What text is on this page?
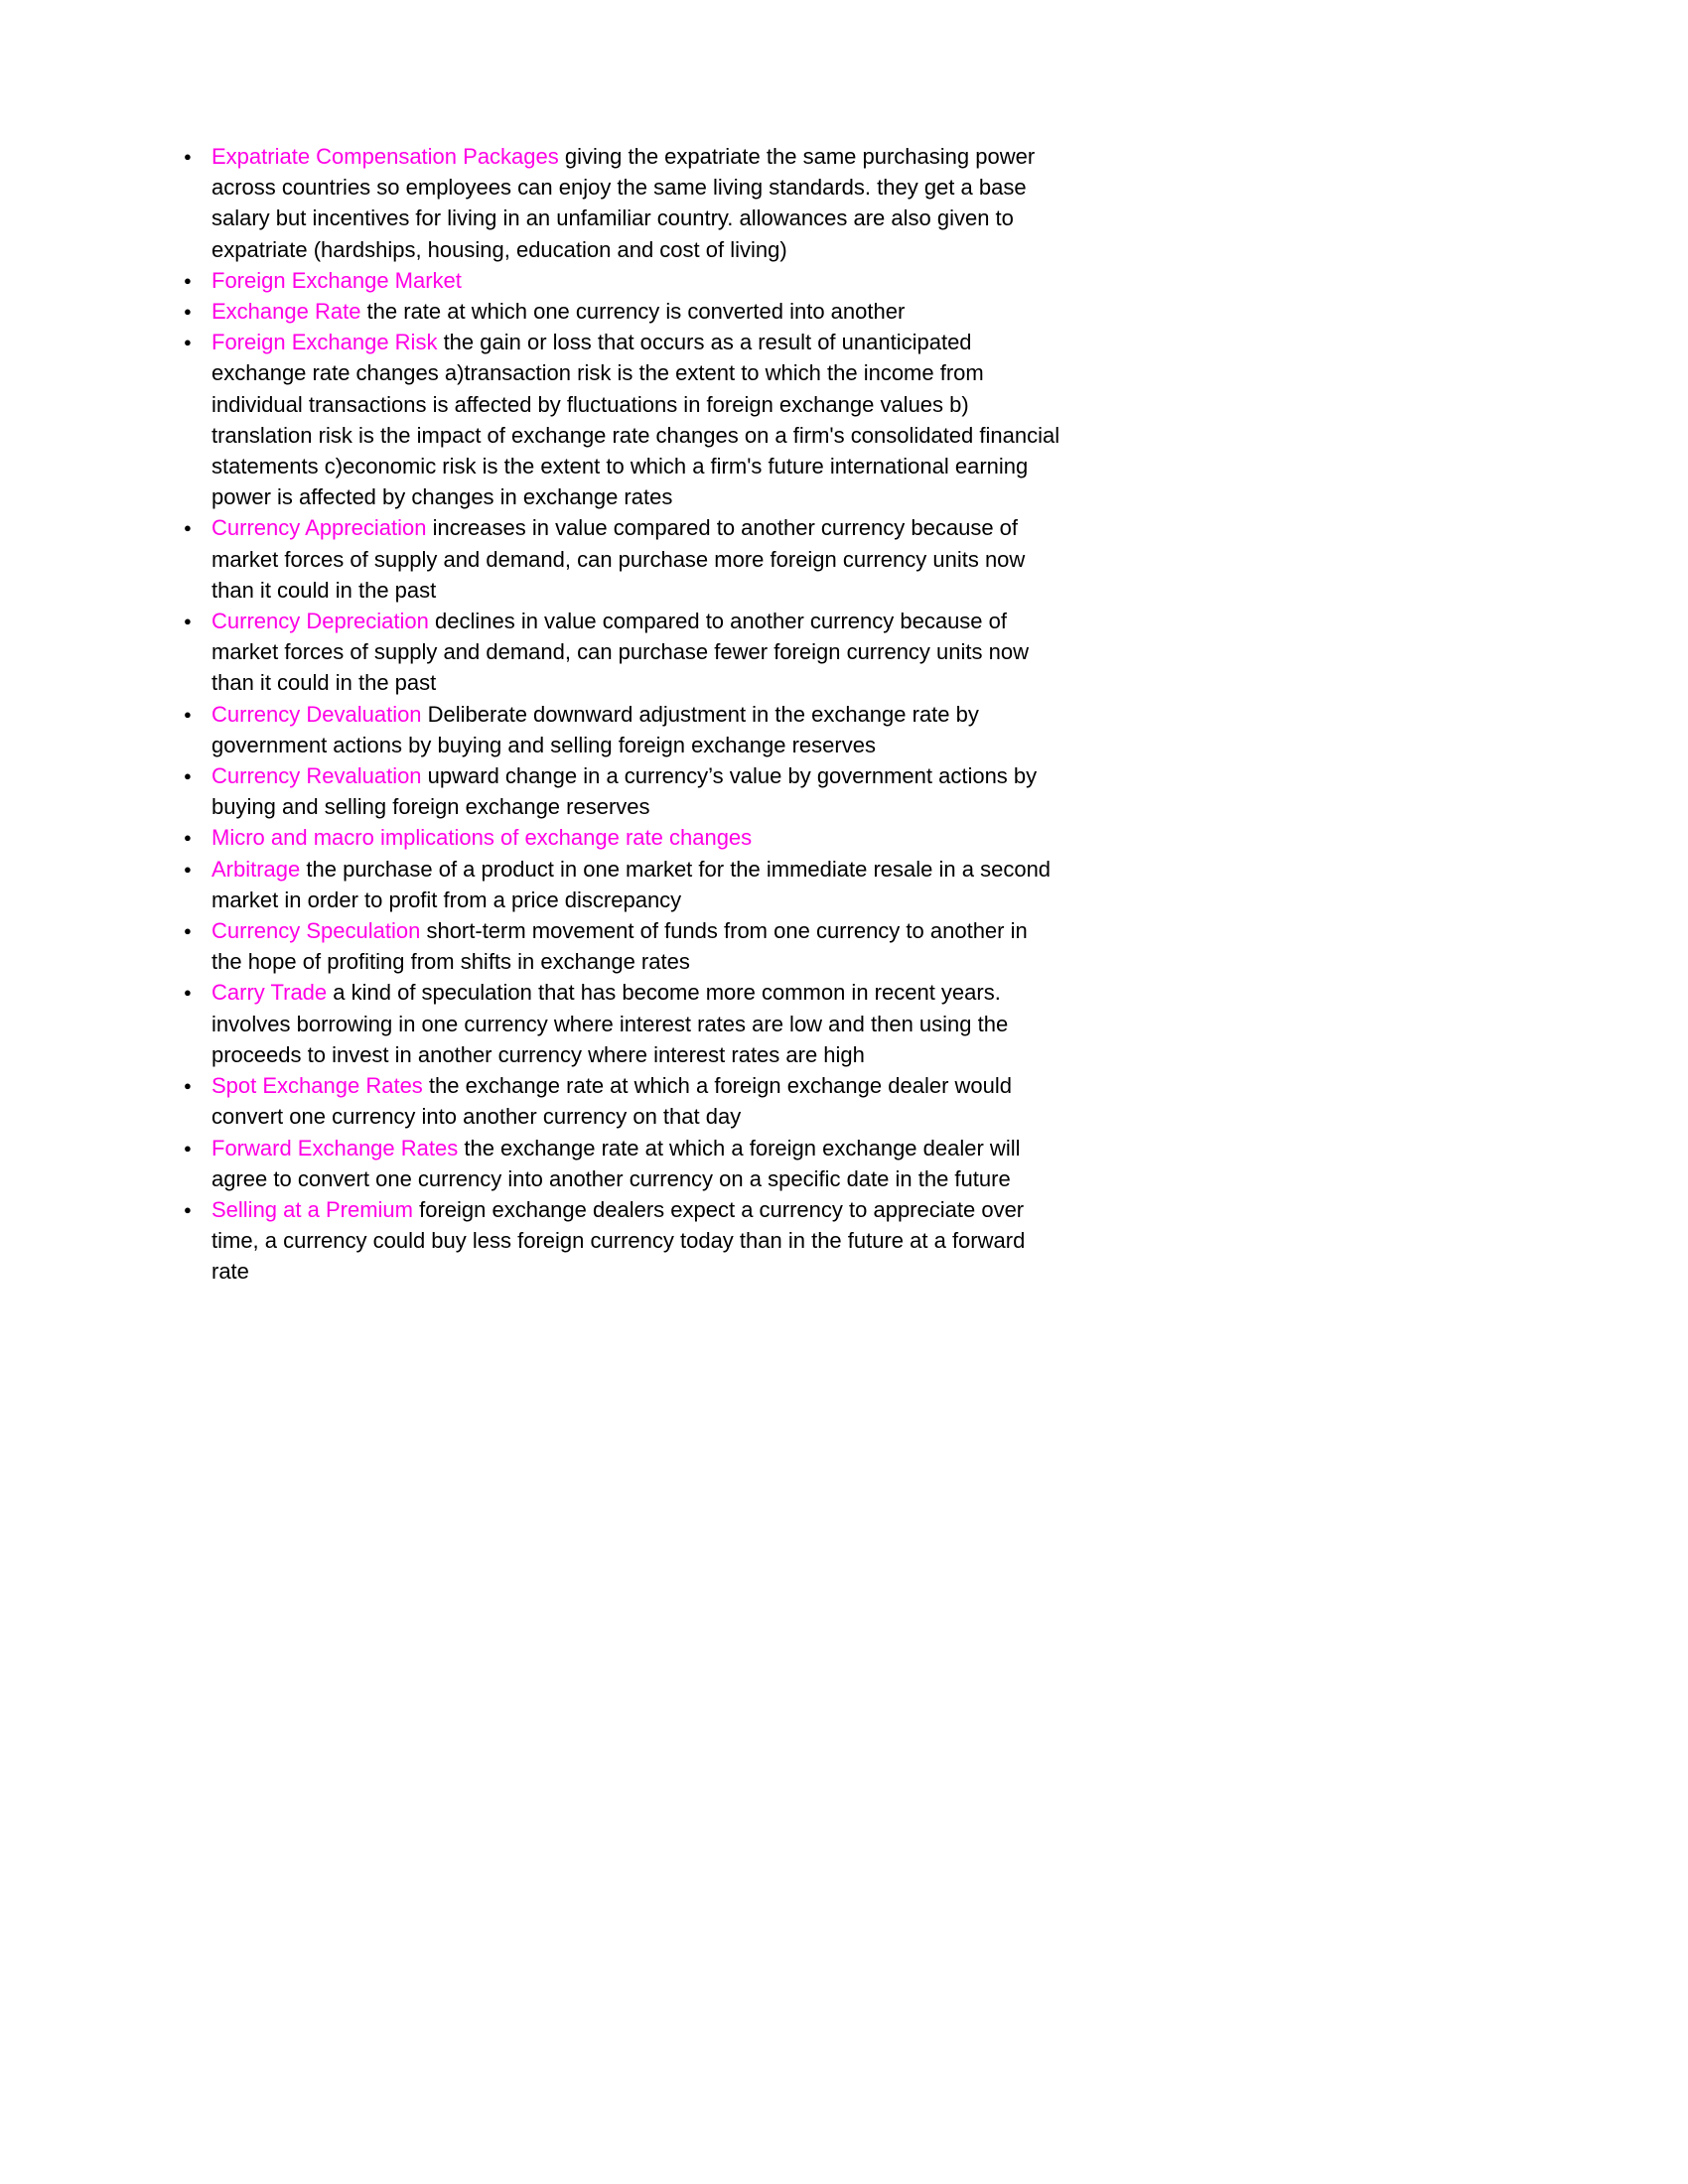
● Expatriate Compensation Packages giving the expatriate the same purchasing power across countries so employees can enjoy the same living standards. they get a base salary but incentives for living in an unfamiliar country. allowances are also given to expatriate (hardships, housing, education and cost of living)
● Foreign Exchange Market
● Exchange Rate the rate at which one currency is converted into another
● Foreign Exchange Risk the gain or loss that occurs as a result of unanticipated exchange rate changes a)transaction risk is the extent to which the income from individual transactions is affected by fluctuations in foreign exchange values b) translation risk is the impact of exchange rate changes on a firm's consolidated financial statements c)economic risk is the extent to which a firm's future international earning power is affected by changes in exchange rates
● Currency Appreciation increases in value compared to another currency because of market forces of supply and demand, can purchase more foreign currency units now than it could in the past
● Currency Depreciation declines in value compared to another currency because of market forces of supply and demand, can purchase fewer foreign currency units now than it could in the past
● Currency Devaluation Deliberate downward adjustment in the exchange rate by government actions by buying and selling foreign exchange reserves
● Currency Revaluation upward change in a currency’s value by government actions by buying and selling foreign exchange reserves
● Micro and macro implications of exchange rate changes
● Arbitrage the purchase of a product in one market for the immediate resale in a second market in order to profit from a price discrepancy
● Currency Speculation short-term movement of funds from one currency to another in the hope of profiting from shifts in exchange rates
● Carry Trade a kind of speculation that has become more common in recent years. involves borrowing in one currency where interest rates are low and then using the proceeds to invest in another currency where interest rates are high
● Spot Exchange Rates the exchange rate at which a foreign exchange dealer would convert one currency into another currency on that day
● Forward Exchange Rates the exchange rate at which a foreign exchange dealer will agree to convert one currency into another currency on a specific date in the future
● Selling at a Premium foreign exchange dealers expect a currency to appreciate over time, a currency could buy less foreign currency today than in the future at a forward rate
